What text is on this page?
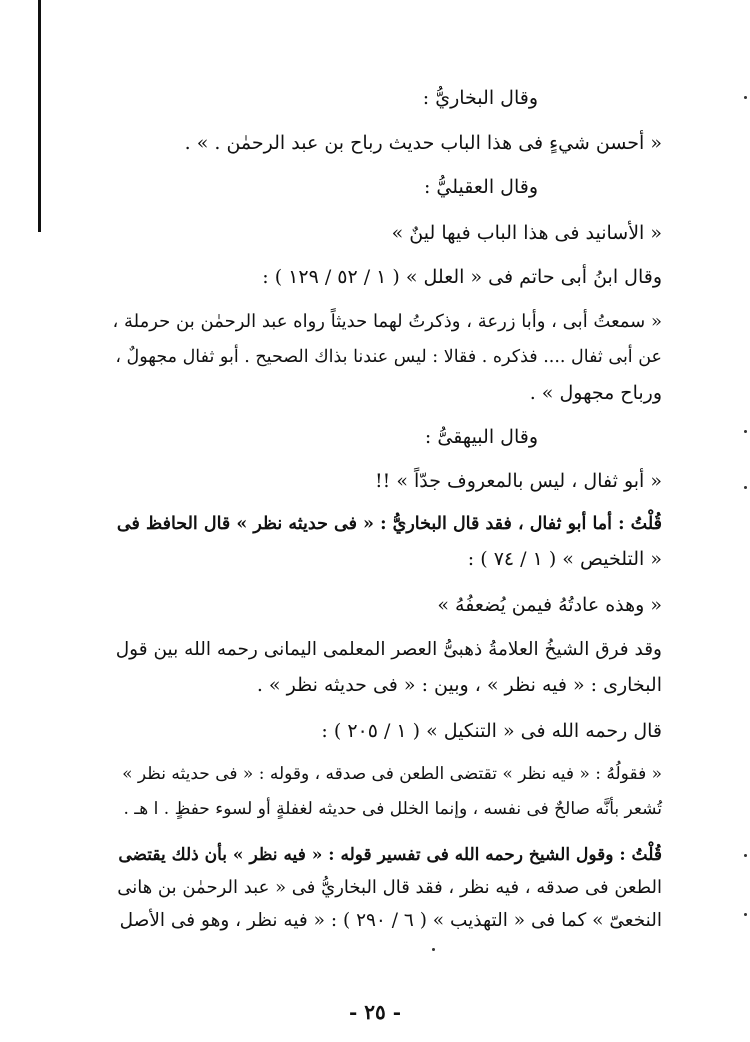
وقال البخاريُّ :
« أحسن شيءٍ فى هذا الباب حديث رباح بن عبد الرحمٰن . » .
وقال العقيليُّ :
« الأسانيد فى هذا الباب فيها لينٌ »
وقال ابنُ أبى حاتم فى « العلل » ( ١ / ٥٢ / ١٢٩ ) :
« سمعتُ أبى ، وأبا زرعة ، وذكرتُ لهما حديثاً رواه عبد الرحمٰن بن حرملة ،
عن أبى ثفال .... فذكره . فقالا : ليس عندنا بذاك الصحيح . أبو ثفال مجهولٌ ،
ورباح مجهول » .
وقال البيهقىُّ :
« أبو ثفال ، ليس بالمعروف جدّاً » !!
قُلْتُ : أما أبو ثفال ، فقد قال البخاريُّ : « فى حديثه نظر » قال الحافظ فى
« التلخيص » ( ١ / ٧٤ ) :
« وهذه عادتُهُ فيمن يُضعفُهُ »
وقد فرق الشيخُ العلامةُ ذهبىُّ العصر المعلمى اليمانى رحمه الله بين قول
البخارى : « فيه نظر » ، وبين : « فى حديثه نظر » .
قال رحمه الله فى « التنكيل » ( ١ / ٢٠٥ ) :
« فقولُهُ : « فيه نظر » تقتضى الطعن فى صدقه ، وقوله : « فى حديثه نظر »
تُشعر بأنَّه صالحٌ فى نفسه ، وإنما الخلل فى حديثه لغفلةٍ أو لسوء حفظٍ . ا هـ .
قُلْتُ : وقول الشيخ رحمه الله فى تفسير قوله : « فيه نظر » بأن ذلك يقتضى
الطعن فى صدقه ، فيه نظر ، فقد قال البخاريُّ فى « عبد الرحمٰن بن هانى
النخعىّ » كما فى « التهذيب » ( ٦ / ٢٩٠ ) : « فيه نظر ، وهو فى الأصل
- ٢٥ -
